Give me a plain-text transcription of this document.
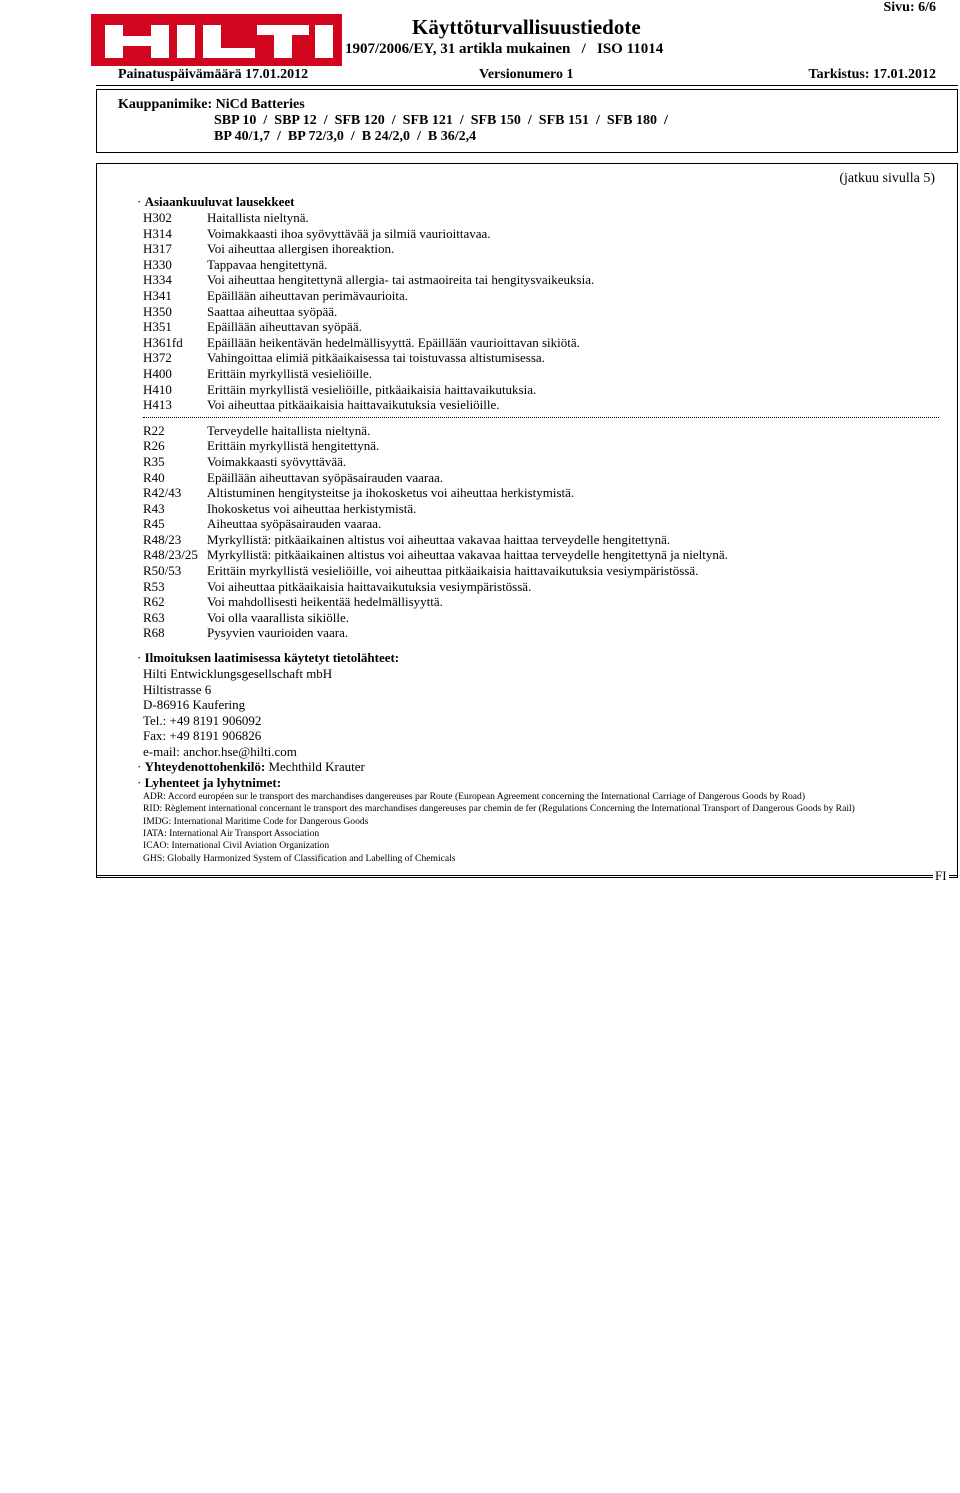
Sivu: 6/6
Käyttöturvallisuustiedote
1907/2006/EY, 31 artikla mukainen   /   ISO 11014
Painatuspäivämäärä 17.01.2012	Versionumero 1	Tarkistus: 17.01.2012
Kauppanimike: NiCd Batteries
SBP 10  /  SBP 12  /  SFB 120  /  SFB 121  /  SFB 150  /  SFB 151  /  SFB 180  /
BP 40/1,7  /  BP 72/3,0  /  B 24/2,0  /  B 36/2,4
(jatkuu sivulla 5)
· Asiaankuuluvat lausekkeet
H302	Haitallista nieltynä.
H314	Voimakkaasti ihoa syövyttävää ja silmiä vaurioittavaa.
H317	Voi aiheuttaa allergisen ihoreaktion.
H330	Tappavaa hengitettynä.
H334	Voi aiheuttaa hengitettynä allergia- tai astmaoireita tai hengitysvaikeuksia.
H341	Epäillään aiheuttavan perimävaurioita.
H350	Saattaa aiheuttaa syöpää.
H351	Epäillään aiheuttavan syöpää.
H361fd	Epäillään heikentävän hedelmällisyyttä. Epäillään vaurioittavan sikiötä.
H372	Vahingoittaa elimiä pitkäaikaisessa tai toistuvassa altistumisessa.
H400	Erittäin myrkyllistä vesieliöille.
H410	Erittäin myrkyllistä vesieliöille, pitkäaikaisia haittavaikutuksia.
H413	Voi aiheuttaa pitkäaikaisia haittavaikutuksia vesieliöille.
R22	Terveydelle haitallista nieltynä.
R26	Erittäin myrkyllistä hengitettynä.
R35	Voimakkaasti syövyttävää.
R40	Epäillään aiheuttavan syöpäsairauden vaaraa.
R42/43	Altistuminen hengitysteitse ja ihokosketus voi aiheuttaa herkistymistä.
R43	Ihokosketus voi aiheuttaa herkistymistä.
R45	Aiheuttaa syöpäsairauden vaaraa.
R48/23	Myrkyllistä: pitkäaikainen altistus voi aiheuttaa vakavaa haittaa terveydelle hengitettynä.
R48/23/25 Myrkyllistä: pitkäaikainen altistus voi aiheuttaa vakavaa haittaa terveydelle hengitettynä ja nieltynä.
R50/53	Erittäin myrkyllistä vesieliöille, voi aiheuttaa pitkäaikaisia haittavaikutuksia vesiympäristössä.
R53	Voi aiheuttaa pitkäaikaisia haittavaikutuksia vesiympäristössä.
R62	Voi mahdollisesti heikentää hedelmällisyyttä.
R63	Voi olla vaarallista sikiölle.
R68	Pysyvien vaurioiden vaara.
· Ilmoituksen laatimisessa käytetyt tietolähteet:
Hilti Entwicklungsgesellschaft mbH
Hiltistrasse 6
D-86916 Kaufering
Tel.: +49 8191 906092
Fax: +49 8191 906826
e-mail: anchor.hse@hilti.com
· Yhteydenottohenkilö: Mechthild Krauter
· Lyhenteet ja lyhytnimet:
ADR: Accord européen sur le transport des marchandises dangereuses par Route (European Agreement concerning the International Carriage of Dangerous Goods by Road)
RID: Règlement international concernant le transport des marchandises dangereuses par chemin de fer (Regulations Concerning the International Transport of Dangerous Goods by Rail)
IMDG: International Maritime Code for Dangerous Goods
IATA: International Air Transport Association
ICAO: International Civil Aviation Organization
GHS: Globally Harmonized System of Classification and Labelling of Chemicals
FI
